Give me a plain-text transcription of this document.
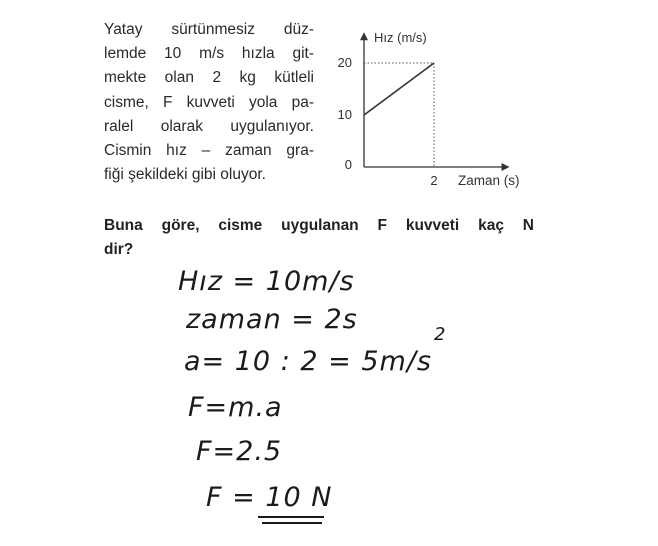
Yatay sürtünmesiz düz-
lemde 10 m/s hızla git-
mekte olan 2 kg kütleli
cisme, F kuvveti yola pa-
ralel olarak uygulanıyor.
Cismin hız – zaman gra-
fiği şekildeki gibi oluyor.
Hız (m/s)
Zaman (s)
20
10
0
2
Buna göre, cisme uygulanan F kuvveti kaç N
dir?
Hız = 10m/s
zaman = 2s
a= 10 : 2 = 5m/s
2
F=m.a
F=2.5
F = 10 N
